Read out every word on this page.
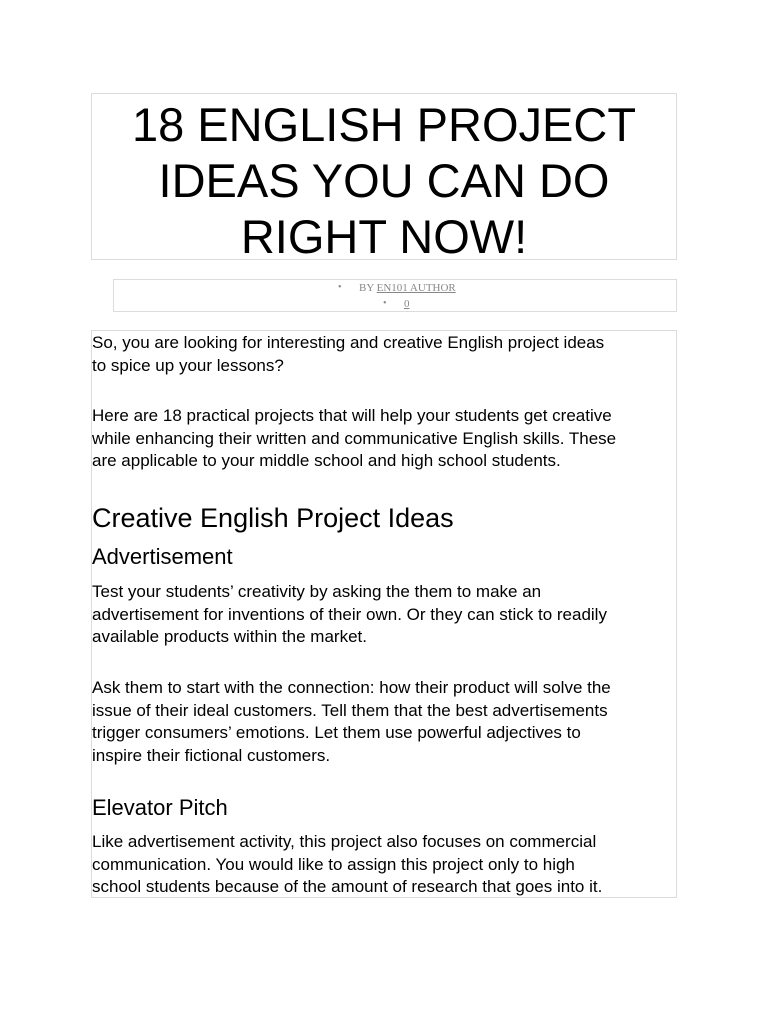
18 ENGLISH PROJECT
IDEAS YOU CAN DO
RIGHT NOW!
• BY EN101 AUTHOR
• 0

So, you are looking for interesting and creative English project ideas
to spice up your lessons?

Here are 18 practical projects that will help your students get creative
while enhancing their written and communicative English skills. These
are applicable to your middle school and high school students.

Creative English Project Ideas
Advertisement

Test your students’ creativity by asking the them to make an
advertisement for inventions of their own. Or they can stick to readily
available products within the market.

Ask them to start with the connection: how their product will solve the
issue of their ideal customers. Tell them that the best advertisements
trigger consumers’ emotions. Let them use powerful adjectives to
inspire their fictional customers.

Elevator Pitch

Like advertisement activity, this project also focuses on commercial
communication. You would like to assign this project only to high
school students because of the amount of research that goes into it.
